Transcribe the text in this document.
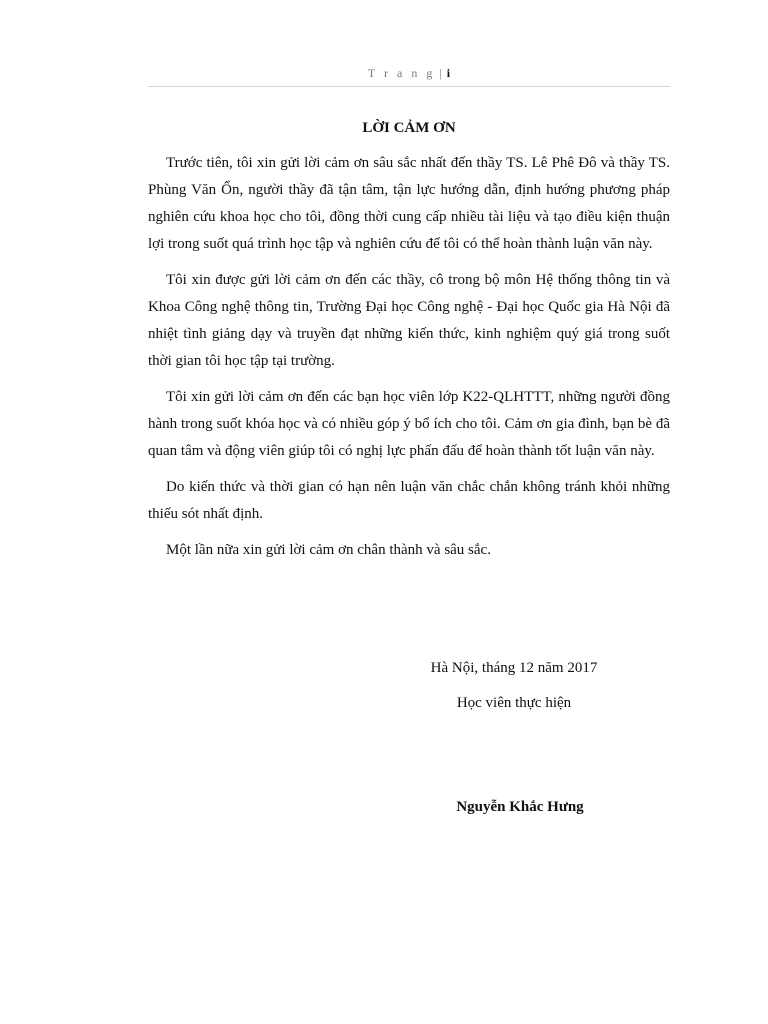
T r a n g | i
LỜI CẢM ƠN

Trước tiên, tôi xin gửi lời cảm ơn sâu sắc nhất đến thầy TS. Lê Phê Đô và thầy TS. Phùng Văn Ổn, người thầy đã tận tâm, tận lực hướng dẫn, định hướng phương pháp nghiên cứu khoa học cho tôi, đồng thời cung cấp nhiều tài liệu và tạo điều kiện thuận lợi trong suốt quá trình học tập và nghiên cứu để tôi có thể hoàn thành luận văn này.

Tôi xin được gửi lời cảm ơn đến các thầy, cô trong bộ môn Hệ thống thông tin và Khoa Công nghệ thông tin, Trường Đại học Công nghệ - Đại học Quốc gia Hà Nội đã nhiệt tình giảng dạy và truyền đạt những kiến thức, kinh nghiệm quý giá trong suốt thời gian tôi học tập tại trường.

Tôi xin gửi lời cảm ơn đến các bạn học viên lớp K22-QLHTTT, những người đồng hành trong suốt khóa học và có nhiều góp ý bổ ích cho tôi. Cảm ơn gia đình, bạn bè đã quan tâm và động viên giúp tôi có nghị lực phấn đấu để hoàn thành tốt luận văn này.

Do kiến thức và thời gian có hạn nên luận văn chắc chắn không tránh khỏi những thiếu sót nhất định.

Một lần nữa xin gửi lời cảm ơn chân thành và sâu sắc.

Hà Nội, tháng 12 năm 2017
Học viên thực hiện
Nguyễn Khắc Hưng
